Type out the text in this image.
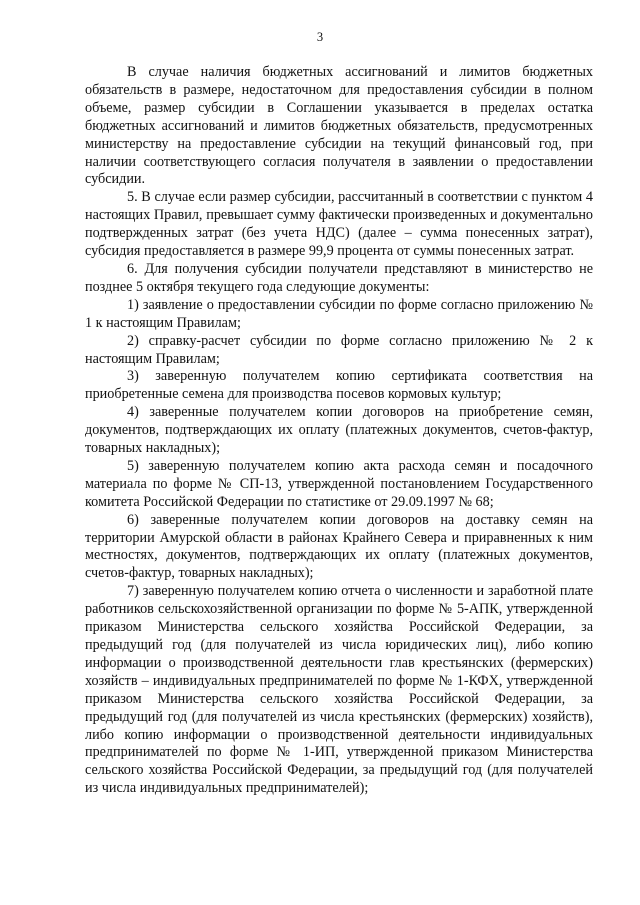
3

В случае наличия бюджетных ассигнований и лимитов бюджетных обязательств в размере, недостаточном для предоставления субсидии в полном объеме, размер субсидии в Соглашении указывается в пределах остатка бюджетных ассигнований и лимитов бюджетных обязательств, предусмотренных министерству на предоставление субсидии на текущий финансовый год, при наличии соответствующего согласия получателя в заявлении о предоставлении субсидии.

5. В случае если размер субсидии, рассчитанный в соответствии с пунктом 4 настоящих Правил, превышает сумму фактически произведенных и документально подтвержденных затрат (без учета НДС) (далее – сумма понесенных затрат), субсидия предоставляется в размере 99,9 процента от суммы понесенных затрат.

6. Для получения субсидии получатели представляют в министерство не позднее 5 октября текущего года следующие документы:

1) заявление о предоставлении субсидии по форме согласно приложению № 1 к настоящим Правилам;

2) справку-расчет субсидии по форме согласно приложению № 2 к настоящим Правилам;

3) заверенную получателем копию сертификата соответствия на приобретенные семена для производства посевов кормовых культур;

4) заверенные получателем копии договоров на приобретение семян, документов, подтверждающих их оплату (платежных документов, счетов-фактур, товарных накладных);

5) заверенную получателем копию акта расхода семян и посадочного материала по форме № СП-13, утвержденной постановлением Государственного комитета Российской Федерации по статистике от 29.09.1997 № 68;

6) заверенные получателем копии договоров на доставку семян на территории Амурской области в районах Крайнего Севера и приравненных к ним местностях, документов, подтверждающих их оплату (платежных документов, счетов-фактур, товарных накладных);

7) заверенную получателем копию отчета о численности и заработной плате работников сельскохозяйственной организации по форме № 5-АПК, утвержденной приказом Министерства сельского хозяйства Российской Федерации, за предыдущий год (для получателей из числа юридических лиц), либо копию информации о производственной деятельности глав крестьянских (фермерских) хозяйств – индивидуальных предпринимателей по форме № 1-КФХ, утвержденной приказом Министерства сельского хозяйства Российской Федерации, за предыдущий год (для получателей из числа крестьянских (фермерских) хозяйств), либо копию информации о производственной деятельности индивидуальных предпринимателей по форме № 1-ИП, утвержденной приказом Министерства сельского хозяйства Российской Федерации, за предыдущий год (для получателей из числа индивидуальных предпринимателей);
